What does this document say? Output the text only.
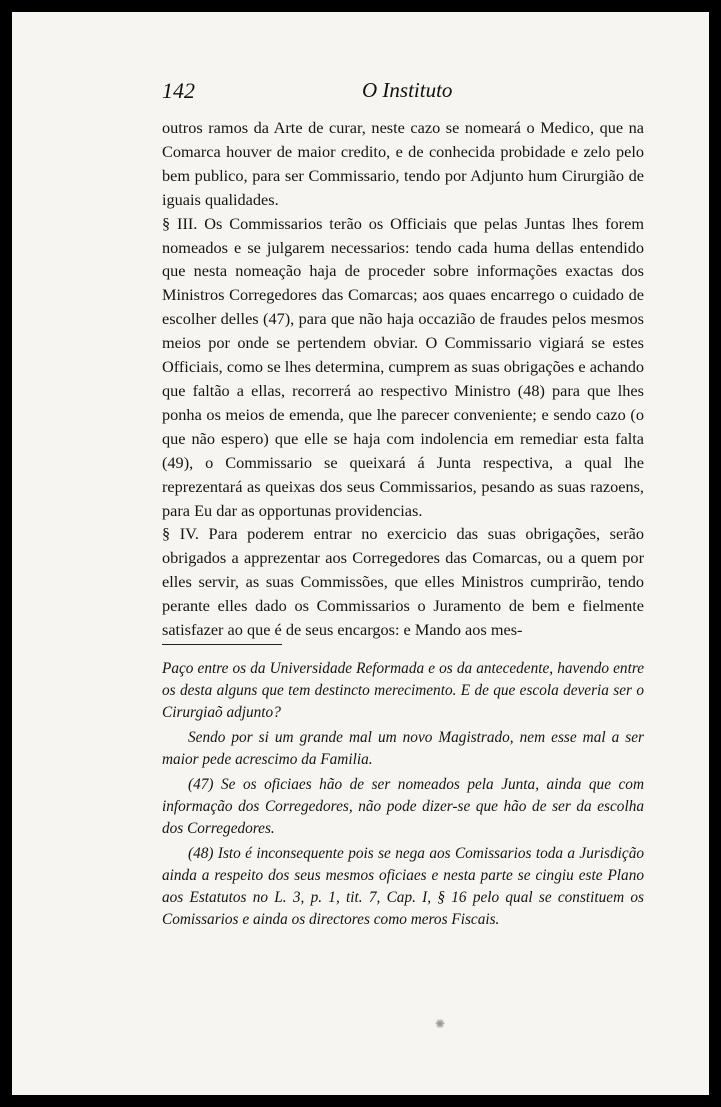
142	O Instituto

outros ramos da Arte de curar, neste cazo se nomeará o Medico, que na Comarca houver de maior credito, e de conhecida probidade e zelo pelo bem publico, para ser Commissario, tendo por Adjunto hum Cirurgião de iguais qualidades.

§ III. Os Commissarios terão os Officiais que pelas Juntas lhes forem nomeados e se julgarem necessarios: tendo cada huma dellas entendido que nesta nomeação haja de proceder sobre informações exactas dos Ministros Corregedores das Comarcas; aos quaes encarrego o cuidado de escolher delles (47), para que não haja occazião de fraudes pelos mesmos meios por onde se pertendem obviar. O Commissario vigiará se estes Officiais, como se lhes determina, cumprem as suas obrigações e achando que faltão a ellas, recorrerá ao respectivo Ministro (48) para que lhes ponha os meios de emenda, que lhe parecer conveniente; e sendo cazo (o que não espero) que elle se haja com indolencia em remediar esta falta (49), o Commissario se queixará á Junta respectiva, a qual lhe reprezentará as queixas dos seus Commissarios, pesando as suas razoens, para Eu dar as opportunas providencias.

§ IV. Para poderem entrar no exercicio das suas obrigações, serão obrigados a apprezentar aos Corregedores das Comarcas, ou a quem por elles servir, as suas Commissões, que elles Ministros cumprirão, tendo perante elles dado os Commissarios o Juramento de bem e fielmente satisfazer ao que é de seus encargos: e Mando aos mes-

Paço entre os da Universidade Reformada e os da antecedente, havendo entre os desta alguns que tem destincto merecimento. E de que escola deveria ser o Cirurgiaõ adjunto?

Sendo por si um grande mal um novo Magistrado, nem esse mal a ser maior pede acrescimo da Familia.

(47) Se os oficiaes hão de ser nomeados pela Junta, ainda que com informação dos Corregedores, não pode dizer-se que hão de ser da escolha dos Corregedores.

(48) Isto é inconsequente pois se nega aos Comissarios toda a Jurisdição ainda a respeito dos seus mesmos oficiaes e nesta parte se cingiu este Plano aos Estatutos no L. 3, p. 1, tit. 7, Cap. I, § 16 pelo qual se constituem os Comissarios e ainda os directores como meros Fiscais.

✺
